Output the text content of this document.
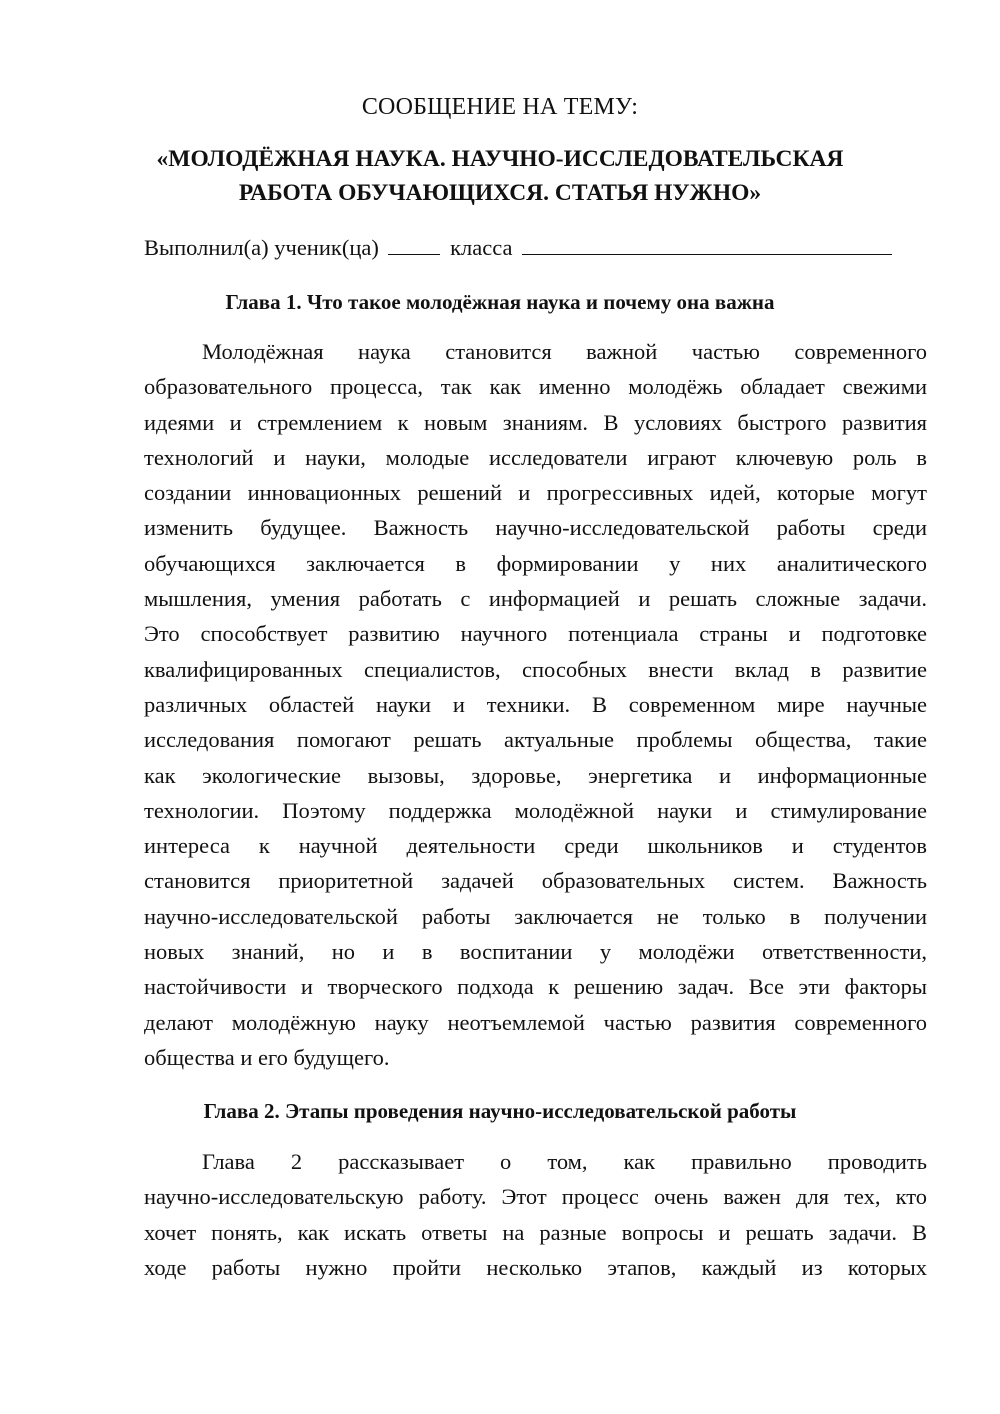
СООБЩЕНИЕ НА ТЕМУ:

«МОЛОДЁЖНАЯ НАУКА. НАУЧНО-ИССЛЕДОВАТЕЛЬСКАЯ

РАБОТА ОБУЧАЮЩИХСЯ. СТАТЬЯ НУЖНО»

Выполнил(а) ученик(ца)	класса
Глава 1. Что такое молодёжная наука и почему она важна
Молодёжная наука становится важной частью современного
образовательного процесса, так как именно молодёжь обладает свежими
идеями и стремлением к новым знаниям. В условиях быстрого развития
технологий и науки, молодые исследователи играют ключевую роль в
создании инновационных решений и прогрессивных идей, которые могут
изменить будущее. Важность научно-исследовательской работы среди
обучающихся заключается в формировании у них аналитического
мышления, умения работать с информацией и решать сложные задачи.
Это способствует развитию научного потенциала страны и подготовке
квалифицированных специалистов, способных внести вклад в развитие
различных областей науки и техники. В современном мире научные
исследования помогают решать актуальные проблемы общества, такие
как экологические вызовы, здоровье, энергетика и информационные
технологии. Поэтому поддержка молодёжной науки и стимулирование
интереса к научной деятельности среди школьников и студентов
становится приоритетной задачей образовательных систем. Важность
научно-исследовательской работы заключается не только в получении
новых знаний, но и в воспитании у молодёжи ответственности,
настойчивости и творческого подхода к решению задач. Все эти факторы
делают молодёжную науку неотъемлемой частью развития современного
общества и его будущего.
Глава 2. Этапы проведения научно-исследовательской работы
Глава 2 рассказывает о том, как правильно проводить
научно-исследовательскую работу. Этот процесс очень важен для тех, кто
хочет понять, как искать ответы на разные вопросы и решать задачи. В
ходе работы нужно пройти несколько этапов, каждый из которых
